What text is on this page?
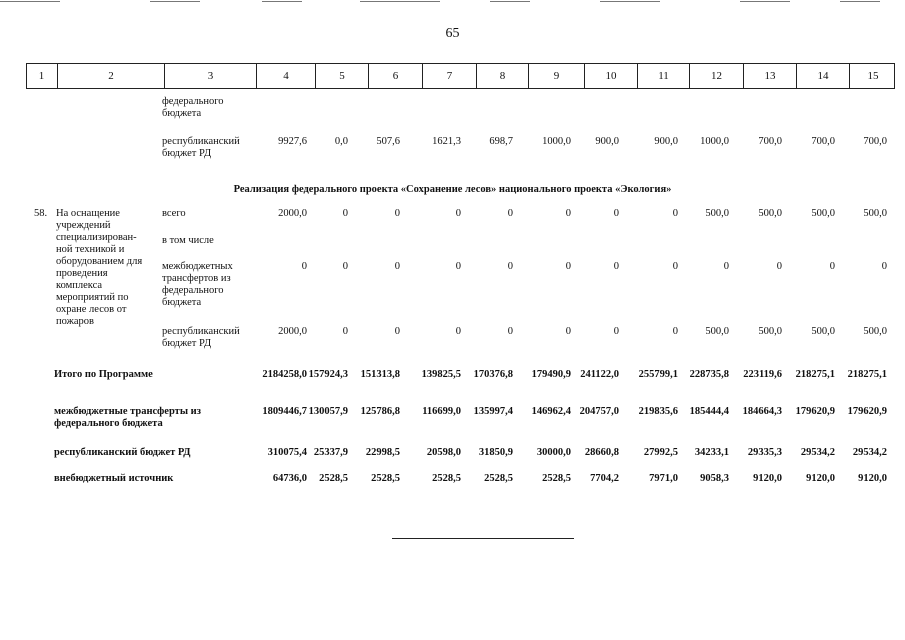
65
1	2	3	4	5	6	7	8	9	10	11	12	13	14	15
федерального
бюджета
республиканский
бюджет РД
9927,6	0,0	507,6	1621,3	698,7	1000,0	900,0	900,0	1000,0	700,0	700,0	700,0
58. На оснащение
учреждений
специализирован-
ной техникой и
оборудованием для
проведения
комплекса
мероприятий по
охране лесов от
пожаров
всего	2000,0	0	0	0	0	0	0	0	500,0	500,0	500,0	500,0
в том числе
межбюджетных
трансфертов из
федерального
бюджета
0	0	0	0	0	0	0	0	0	0	0	0
республиканский
бюджет РД
2000,0	0	0	0	0	0	0	0	500,0	500,0	500,0	500,0
Итого по Программе	2184258,0 157924,3	151313,8	139825,5	170376,8	179490,9 241122,0	255799,1	228735,8	223119,6	218275,1	218275,1
межбюджетные трансферты из
федерального бюджета
1809446,7 130057,9	125786,8	116699,0	135997,4	146962,4 204757,0	219835,6	185444,4	184664,3	179620,9	179620,9
республиканский бюджет РД	310075,4 25337,9	22998,5	20598,0	31850,9	30000,0	28660,8	27992,5	34233,1	29335,3	29534,2	29534,2
внебюджетный источник	64736,0	2528,5	2528,5	2528,5	2528,5	2528,5	7704,2	7971,0	9058,3	9120,0	9120,0	9120,0
Реализация федерального проекта «Сохранение лесов» национального проекта «Экология»
